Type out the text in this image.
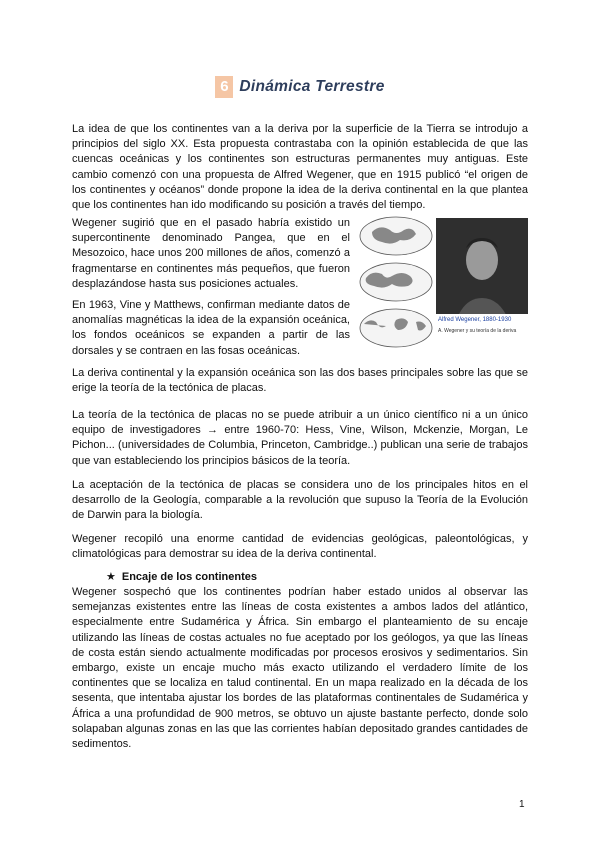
6 Dinámica Terrestre

La idea de que los continentes van a la deriva por la superficie de la Tierra se introdujo a principios del siglo XX. Esta propuesta contrastaba con la opinión establecida de que las cuencas oceánicas y los continentes son estructuras permanentes muy antiguas. Este cambio comenzó con una propuesta de Alfred Wegener, que en 1915 publicó “el origen de los continentes y océanos” donde propone la idea de la deriva continental en la que plantea que los continentes han ido modificando su posición a través del tiempo.

Wegener sugirió que en el pasado habría existido un supercontinente denominado Pangea, que en el Mesozoico, hace unos 200 millones de años, comenzó a fragmentarse en continentes más pequeños, que fueron desplazándose hasta sus posiciones actuales.

En 1963, Vine y Matthews, confirman mediante datos de anomalías magnéticas la idea de la expansión oceánica, los fondos oceánicos se expanden a partir de las dorsales y se contraen en las fosas oceánicas.

Alfred Wegener, 1880-1930
A. Wegener y su teoría de la deriva

La deriva continental y la expansión oceánica son las dos bases principales sobre las que se erige la teoría de la tectónica de placas.

La teoría de la tectónica de placas no se puede atribuir a un único científico ni a un único equipo de investigadores → entre 1960-70: Hess, Vine, Wilson, Mckenzie, Morgan, Le Pichon... (universidades de Columbia, Princeton, Cambridge..) publican una serie de trabajos que van estableciendo los principios básicos de la teoría.

La aceptación de la tectónica de placas se considera uno de los principales hitos en el desarrollo de la Geología, comparable a la revolución que supuso la Teoría de la Evolución de Darwin para la biología.

Wegener recopiló una enorme cantidad de evidencias geológicas, paleontológicas, y climatológicas para demostrar su idea de la deriva continental.

★ Encaje de los continentes

Wegener sospechó que los continentes podrían haber estado unidos al observar las semejanzas existentes entre las líneas de costa existentes a ambos lados del atlántico, especialmente entre Sudamérica y África. Sin embargo el planteamiento de su encaje utilizando las líneas de costas actuales no fue aceptado por los geólogos, ya que las líneas de costa están siendo actualmente modificadas por procesos erosivos y sedimentarios. Sin embargo, existe un encaje mucho más exacto utilizando el verdadero límite de los continentes que se localiza en talud continental. En un mapa realizado en la década de los sesenta, que intentaba ajustar los bordes de las plataformas continentales de Sudamérica y África a una profundidad de 900 metros, se obtuvo un ajuste bastante perfecto, donde solo solapaban algunas zonas en las que las corrientes habían depositado grandes cantidades de sedimentos.

1
